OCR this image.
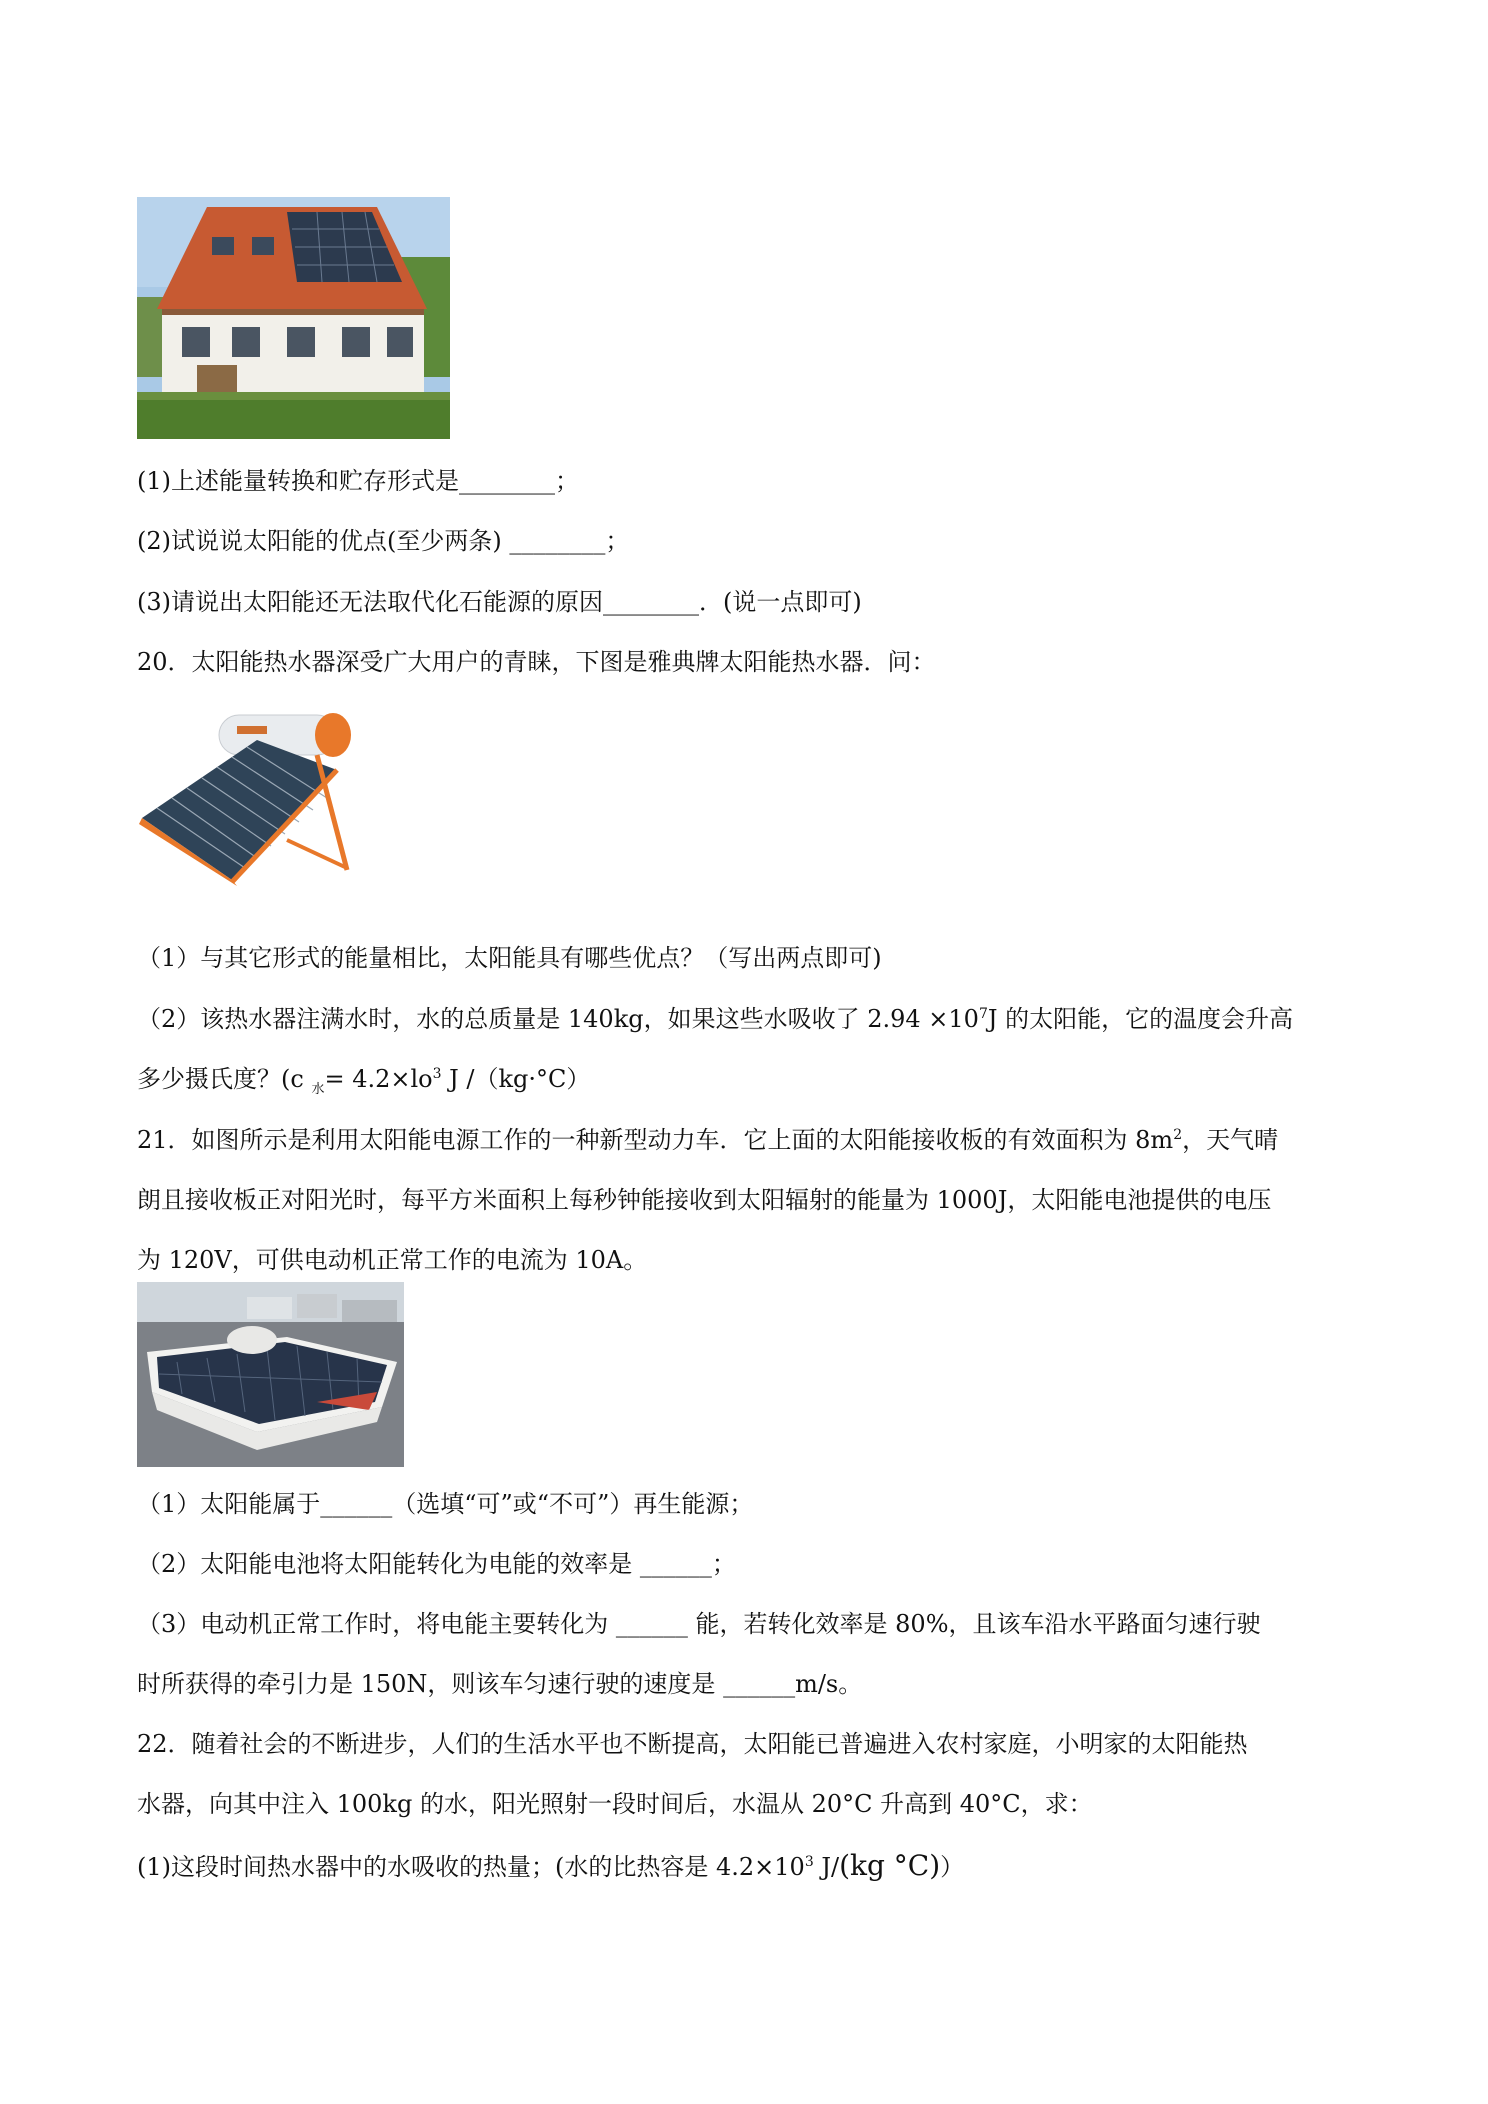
(1)上述能量转换和贮存形式是________；
(2)试说说太阳能的优点(至少两条) ________；
(3)请说出太阳能还无法取代化石能源的原因________．(说一点即可)
20．太阳能热水器深受广大用户的青睐，下图是雅典牌太阳能热水器．问：
（1）与其它形式的能量相比，太阳能具有哪些优点？（写出两点即可)
（2）该热水器注满水时，水的总质量是 140kg，如果这些水吸收了 $2.94 \times 10^7J$ 的太阳能，它的温度会升高
多少摄氏度？(c $_水= 4.2\times lo^3$ J /（kg·°C）
21．如图所示是利用太阳能电源工作的一种新型动力车．它上面的太阳能接收板的有效面积为 $8m^2$，天气晴
朗且接收板正对阳光时，每平方米面积上每秒钟能接收到太阳辐射的能量为 1000J，太阳能电池提供的电压
为 120V，可供电动机正常工作的电流为 10A。
（1）太阳能属于______（选填“可”或“不可”）再生能源；
（2）太阳能电池将太阳能转化为电能的效率是 ______；
（3）电动机正常工作时，将电能主要转化为 ______ 能，若转化效率是 80%，且该车沿水平路面匀速行驶
时所获得的牵引力是 150N，则该车匀速行驶的速度是 ______m/s。
22．随着社会的不断进步，人们的生活水平也不断提高，太阳能已普遍进入农村家庭，小明家的太阳能热
水器，向其中注入 100kg 的水，阳光照射一段时间后，水温从 20°C 升高到 40°C，求：
(1)这段时间热水器中的水吸收的热量；(水的比热容是 $4.2\times 10^3$ J/(kg °C)）
